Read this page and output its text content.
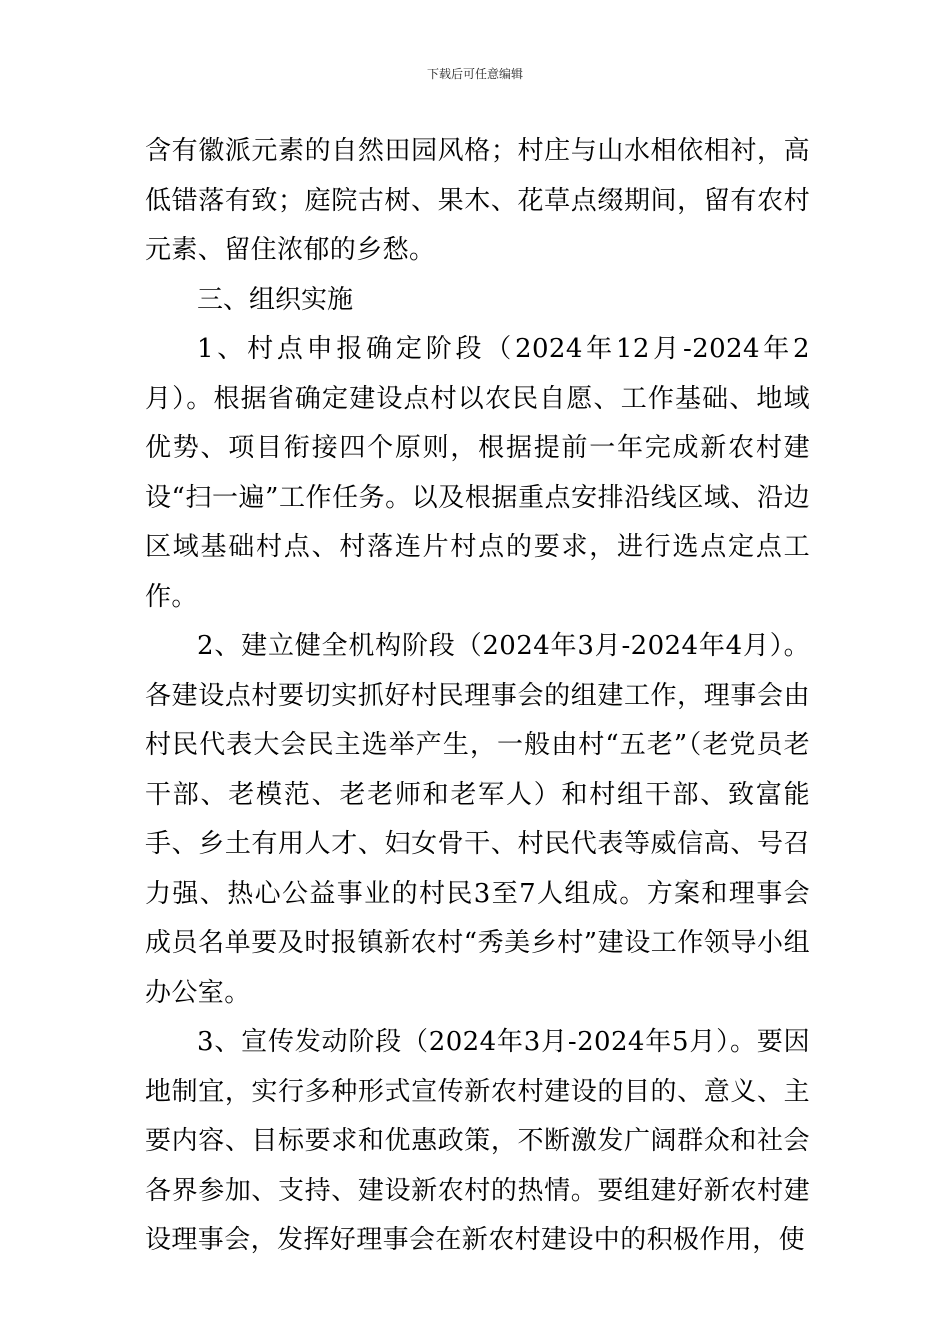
下载后可任意编辑

含有徽派元素的自然田园风格；村庄与山水相依相衬，高低错落有致；庭院古树、果木、花草点缀期间，留有农村元素、留住浓郁的乡愁。

三、组织实施

1、村点申报确定阶段（2024年12月-2024年2月）。根据省确定建设点村以农民自愿、工作基础、地域优势、项目衔接四个原则，根据提前一年完成新农村建设“扫一遍”工作任务。以及根据重点安排沿线区域、沿边区域基础村点、村落连片村点的要求，进行选点定点工作。

2、建立健全机构阶段（2024年3月-2024年4月）。各建设点村要切实抓好村民理事会的组建工作，理事会由村民代表大会民主选举产生，一般由村“五老”（老党员老干部、老模范、老老师和老军人）和村组干部、致富能手、乡土有用人才、妇女骨干、村民代表等威信高、号召力强、热心公益事业的村民3至7人组成。方案和理事会成员名单要及时报镇新农村“秀美乡村”建设工作领导小组办公室。

3、宣传发动阶段（2024年3月-2024年5月）。要因地制宜，实行多种形式宣传新农村建设的目的、意义、主要内容、目标要求和优惠政策，不断激发广阔群众和社会各界参加、支持、建设新农村的热情。要组建好新农村建设理事会，发挥好理事会在新农村建设中的积极作用，使
